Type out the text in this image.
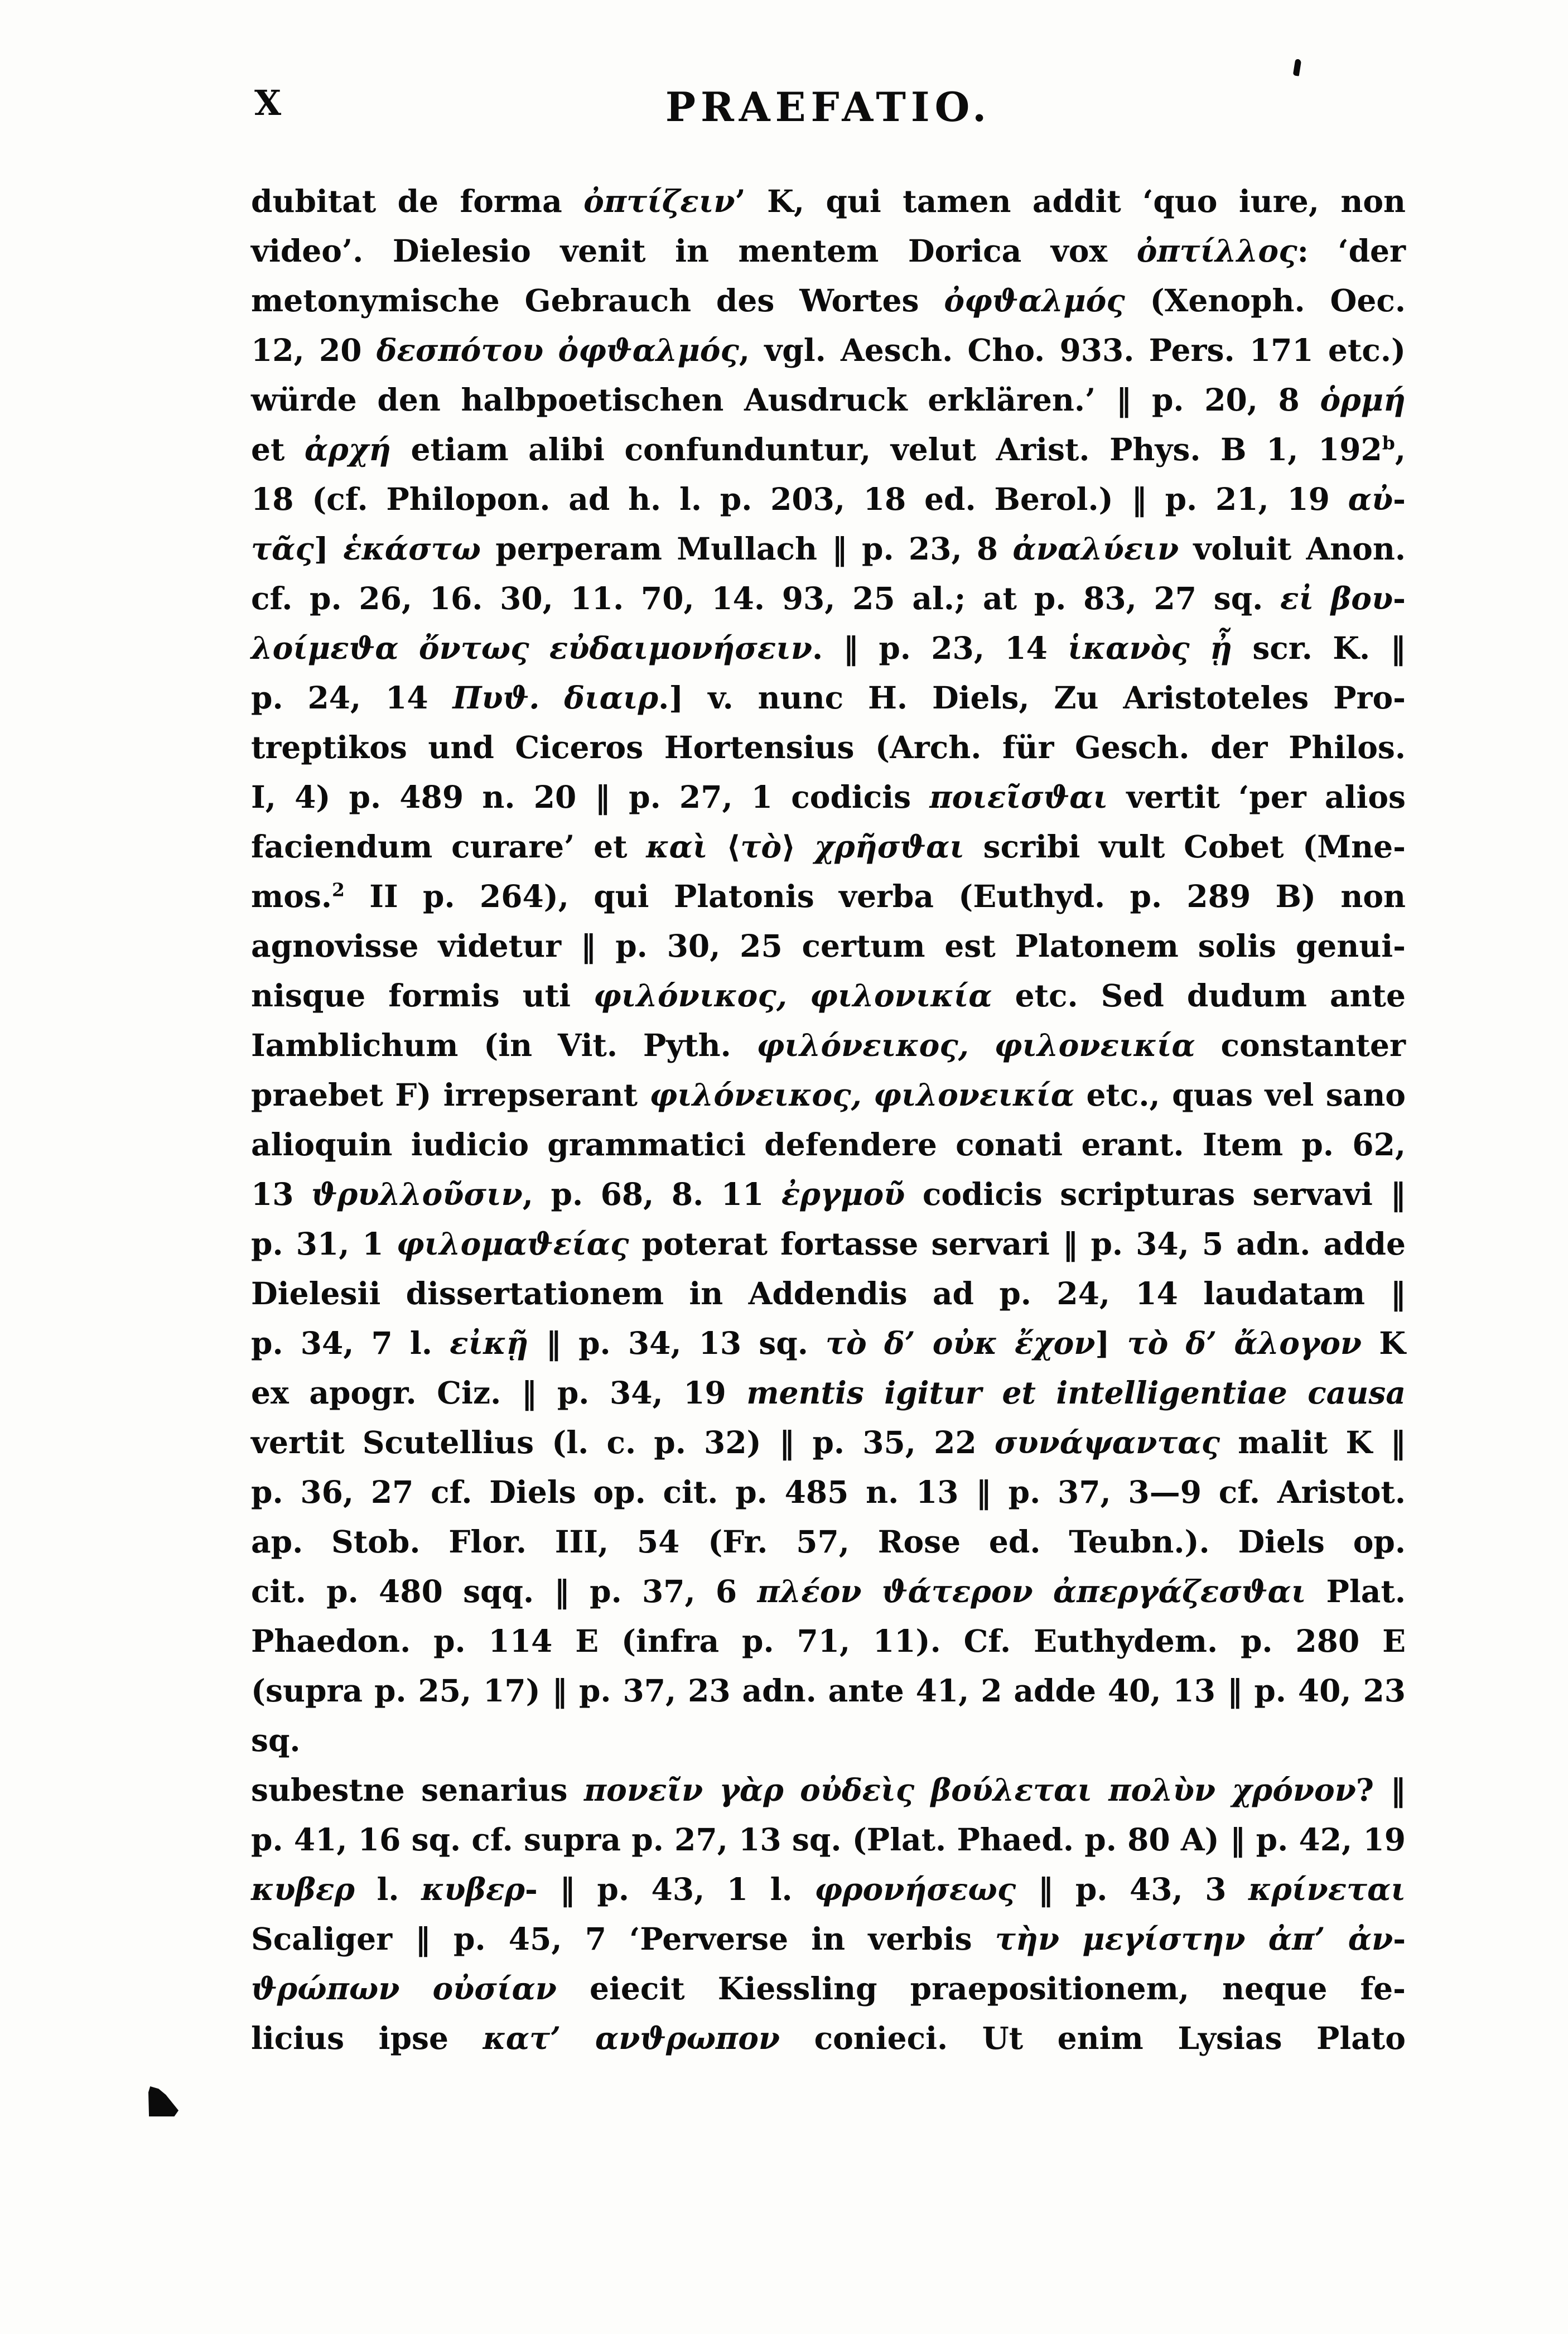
X	PRAEFATIO.
dubitat de forma ὀπτίζειν’ K, qui tamen addit ‘quo iure, non
video’. Dielesio venit in mentem Dorica vox ὀπτίλλος: ‘der
metonymische Gebrauch des Wortes ὀφϑαλμός (Xenoph. Oec.
12, 20 δεσπότου ὀφϑαλμός, vgl. Aesch. Cho. 933. Pers. 171 etc.)
würde den halbpoetischen Ausdruck erklären.’ ‖ p. 20, 8 ὁρμή
et ἀρχή etiam alibi confunduntur, velut Arist. Phys. B 1, 192$^b$,
18 (cf. Philopon. ad h. l. p. 203, 18 ed. Berol.) ‖ p. 21, 19 αὐ-
τᾶς] ἑκάστω perperam Mullach ‖ p. 23, 8 ἀναλύειν voluit Anon.
cf. p. 26, 16. 30, 11. 70, 14. 93, 25 al.; at p. 83, 27 sq. εἰ βου-
λοίμεϑα ὄντως εὐδαιμονήσειν. ‖ p. 23, 14 ἱκανὸς ᾖ scr. K. ‖
p. 24, 14 Πυϑ. διαιρ.] v. nunc H. Diels, Zu Aristoteles Pro-
treptikos und Ciceros Hortensius (Arch. für Gesch. der Philos.
I, 4) p. 489 n. 20 ‖ p. 27, 1 codicis ποιεῖσϑαι vertit ‘per alios
faciendum curare’ et καὶ ⟨τὸ⟩ χρῆσϑαι scribi vult Cobet (Mne-
mos.$^2$ II p. 264), qui Platonis verba (Euthyd. p. 289 B) non
agnovisse videtur ‖ p. 30, 25 certum est Platonem solis genui-
nisque formis uti φιλόνικος, φιλονικία etc. Sed dudum ante
Iamblichum (in Vit. Pyth. φιλόνεικος, φιλονεικία constanter
praebet F) irrepserant φιλόνεικος, φιλονεικία etc., quas vel sano
alioquin iudicio grammatici defendere conati erant. Item p. 62,
13 ϑρυλλοῦσιν, p. 68, 8. 11 ἐργμοῦ codicis scripturas servavi ‖
p. 31, 1 φιλομαϑείας poterat fortasse servari ‖ p. 34, 5 adn. adde
Dielesii dissertationem in Addendis ad p. 24, 14 laudatam ‖
p. 34, 7 l. εἰκῇ ‖ p. 34, 13 sq. τὸ δ’ οὐκ ἔχον] τὸ δ’ ἄλογον K
ex apogr. Ciz. ‖ p. 34, 19 mentis igitur et intelligentiae causa
vertit Scutellius (l. c. p. 32) ‖ p. 35, 22 συνάψαντας malit K ‖
p. 36, 27 cf. Diels op. cit. p. 485 n. 13 ‖ p. 37, 3—9 cf. Aristot.
ap. Stob. Flor. III, 54 (Fr. 57, Rose ed. Teubn.). Diels op.
cit. p. 480 sqq. ‖ p. 37, 6 πλέον ϑάτερον ἀπεργάζεσϑαι Plat.
Phaedon. p. 114 E (infra p. 71, 11). Cf. Euthydem. p. 280 E
(supra p. 25, 17) ‖ p. 37, 23 adn. ante 41, 2 adde 40, 13 ‖ p. 40, 23 sq.
subestne senarius πονεῖν γὰρ οὐδεὶς βούλεται πολὺν χρόνον? ‖
p. 41, 16 sq. cf. supra p. 27, 13 sq. (Plat. Phaed. p. 80 A) ‖ p. 42, 19
κυβερ l. κυβερ- ‖ p. 43, 1 l. φρονήσεως ‖ p. 43, 3 κρίνεται
Scaliger ‖ p. 45, 7 ‘Perverse in verbis τὴν μεγίστην ἀπ’ ἀν-
ϑρώπων οὐσίαν eiecit Kiessling praepositionem, neque fe-
licius ipse κατ’ ανϑρωπον conieci. Ut enim Lysias Plato
